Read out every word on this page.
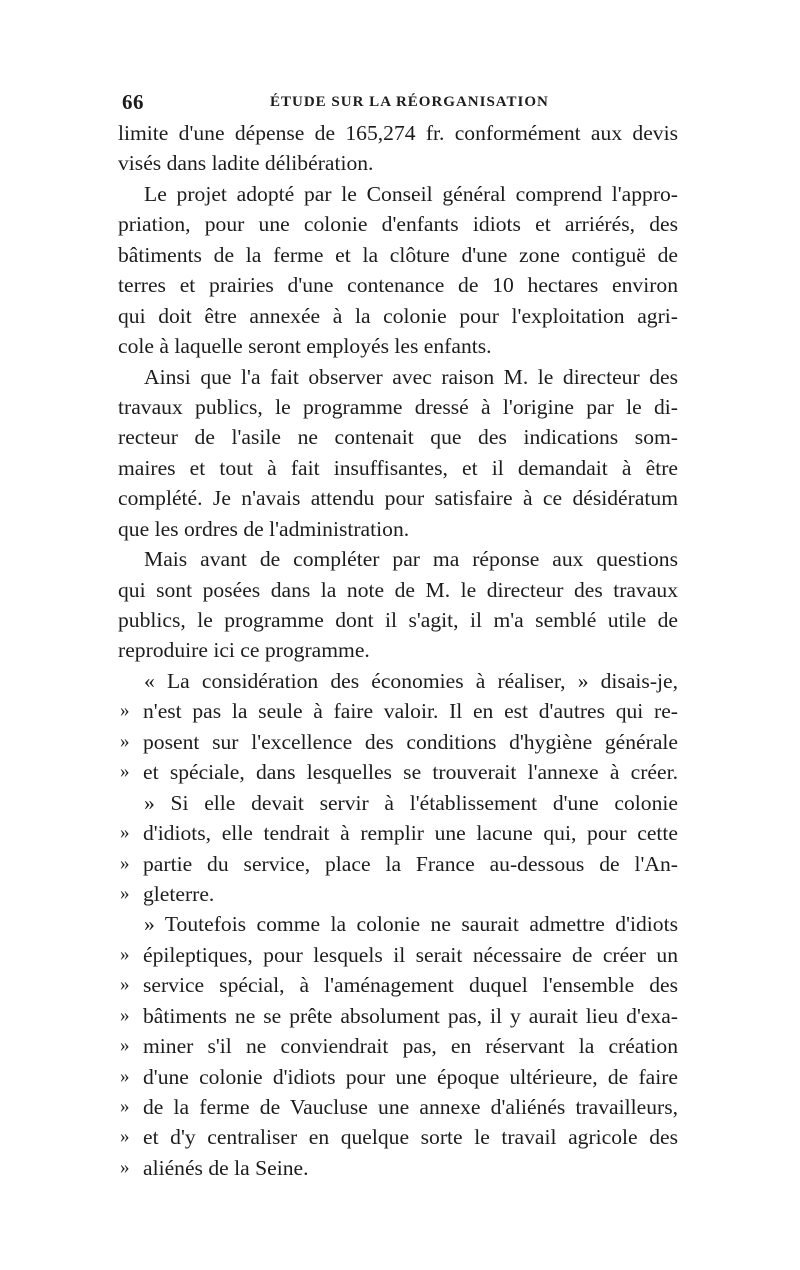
66	ÉTUDE SUR LA RÉORGANISATION
limite d'une dépense de 165,274 fr. conformément aux devis
visés dans ladite délibération.
Le projet adopté par le Conseil général comprend l'appro-
priation, pour une colonie d'enfants idiots et arriérés, des
bâtiments de la ferme et la clôture d'une zone contiguë de
terres et prairies d'une contenance de 10 hectares environ
qui doit être annexée à la colonie pour l'exploitation agri-
cole à laquelle seront employés les enfants.
Ainsi que l'a fait observer avec raison M. le directeur des
travaux publics, le programme dressé à l'origine par le di-
recteur de l'asile ne contenait que des indications som-
maires et tout à fait insuffisantes, et il demandait à être
complété. Je n'avais attendu pour satisfaire à ce désidératum
que les ordres de l'administration.
Mais avant de compléter par ma réponse aux questions
qui sont posées dans la note de M. le directeur des travaux
publics, le programme dont il s'agit, il m'a semblé utile de
reproduire ici ce programme.
« La considération des économies à réaliser, » disais-je,
» n'est pas la seule à faire valoir. Il en est d'autres qui re-
» posent sur l'excellence des conditions d'hygiène générale
» et spéciale, dans lesquelles se trouverait l'annexe à créer.
» Si elle devait servir à l'établissement d'une colonie
» d'idiots, elle tendrait à remplir une lacune qui, pour cette
» partie du service, place la France au-dessous de l'An-
» gleterre.
» Toutefois comme la colonie ne saurait admettre d'idiots
» épileptiques, pour lesquels il serait nécessaire de créer un
» service spécial, à l'aménagement duquel l'ensemble des
» bâtiments ne se prête absolument pas, il y aurait lieu d'exa-
» miner s'il ne conviendrait pas, en réservant la création
» d'une colonie d'idiots pour une époque ultérieure, de faire
» de la ferme de Vaucluse une annexe d'aliénés travailleurs,
» et d'y centraliser en quelque sorte le travail agricole des
» aliénés de la Seine.
